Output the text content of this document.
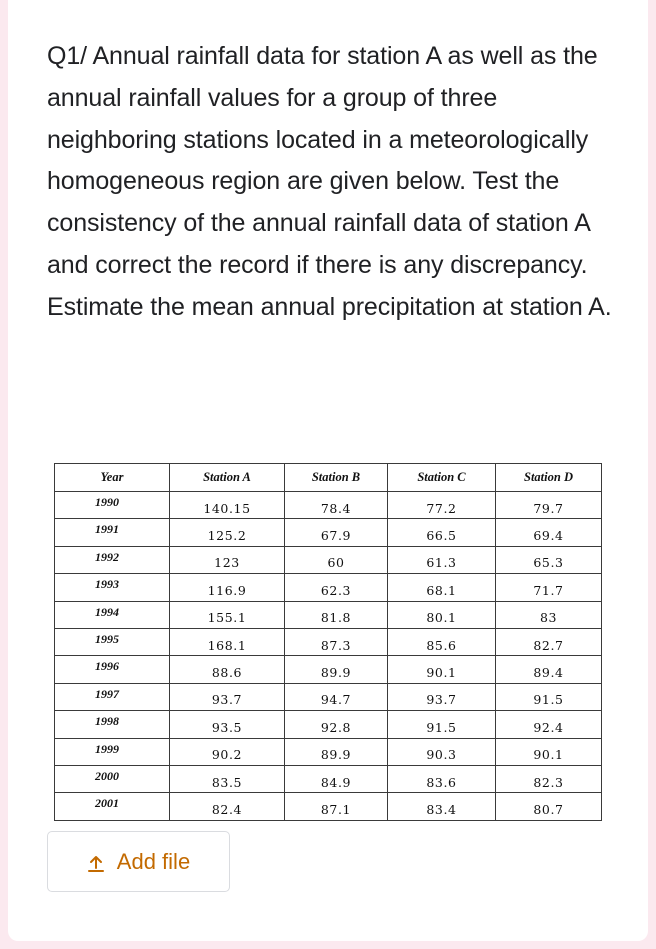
Q1/ Annual rainfall data for station A as well as the annual rainfall values for a group of three neighboring stations located in a meteorologically homogeneous region are given below. Test the consistency of the annual rainfall data of station A and correct the record if there is any discrepancy. Estimate the mean annual precipitation at station A.

Year	Station A	Station B	Station C	Station D
1990	140.15	78.4	77.2	79.7
1991	125.2	67.9	66.5	69.4
1992	123	60	61.3	65.3
1993	116.9	62.3	68.1	71.7
1994	155.1	81.8	80.1	83
1995	168.1	87.3	85.6	82.7
1996	88.6	89.9	90.1	89.4
1997	93.7	94.7	93.7	91.5
1998	93.5	92.8	91.5	92.4
1999	90.2	89.9	90.3	90.1
2000	83.5	84.9	83.6	82.3
2001	82.4	87.1	83.4	80.7
Add file
